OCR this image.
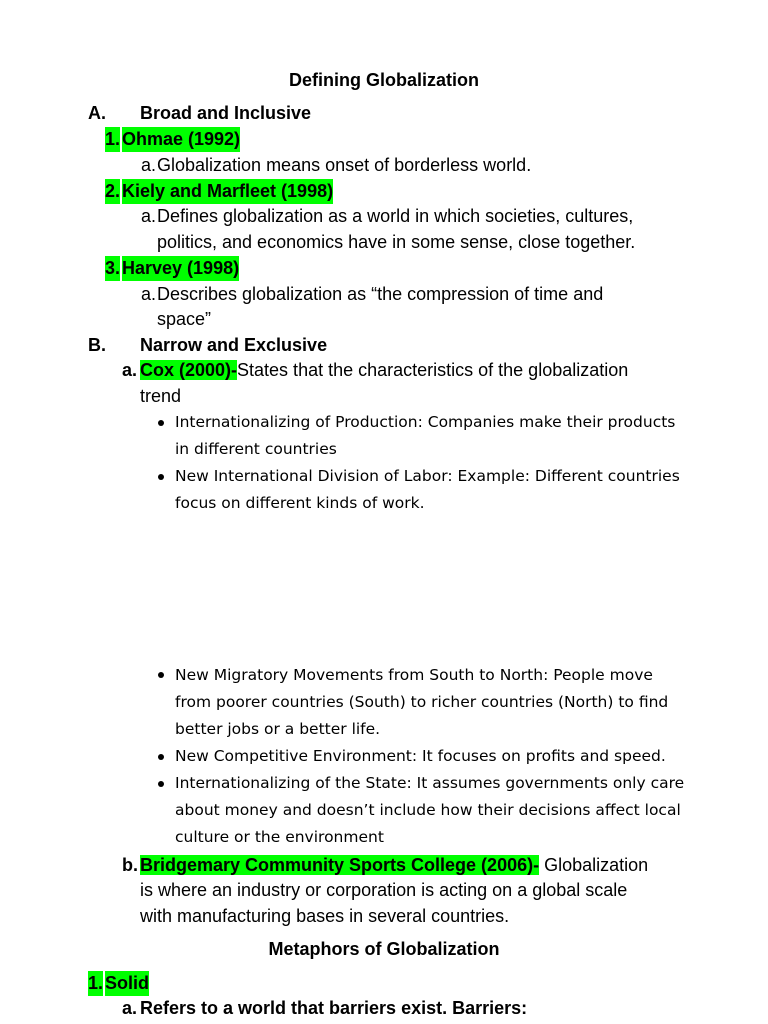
Defining Globalization
A. Broad and Inclusive
1. Ohmae (1992)
a. Globalization means onset of borderless world.
2. Kiely and Marfleet (1998)
a. Defines globalization as a world in which societies, cultures,
politics, and economics have in some sense, close together.
3. Harvey (1998)
a. Describes globalization as “the compression of time and
space”
B. Narrow and Exclusive
a. Cox (2000)-States that the characteristics of the globalization
trend
Internationalizing of Production: Companies make their products
in different countries
New International Division of Labor: Example: Different countries
focus on different kinds of work.
New Migratory Movements from South to North: People move
from poorer countries (South) to richer countries (North) to find
better jobs or a better life.
New Competitive Environment: It focuses on profits and speed.
Internationalizing of the State: It assumes governments only care
about money and doesn’t include how their decisions affect local
culture or the environment
b. Bridgemary Community Sports College (2006)- Globalization
is where an industry or corporation is acting on a global scale
with manufacturing bases in several countries.
Metaphors of Globalization
1. Solid
a. Refers to a world that barriers exist. Barriers:
